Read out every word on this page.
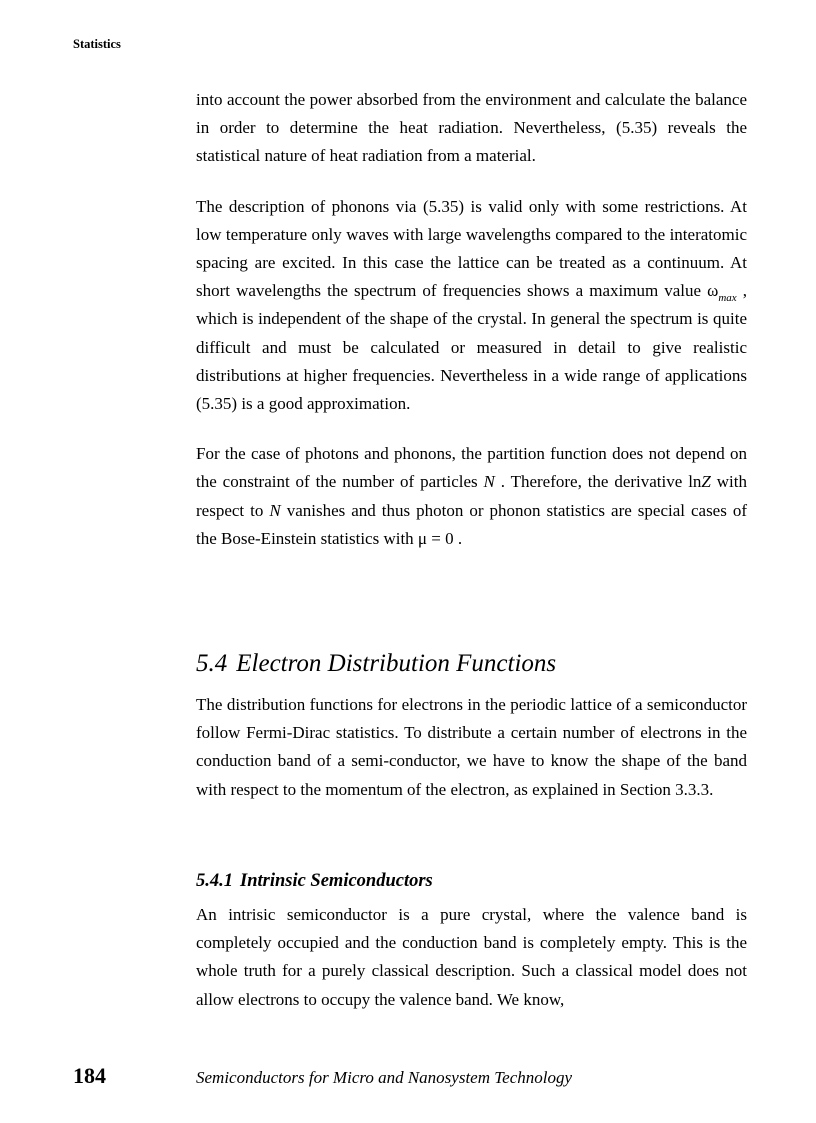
Statistics

into account the power absorbed from the environment and calculate the balance in order to determine the heat radiation. Nevertheless, (5.35) reveals the statistical nature of heat radiation from a material.

The description of phonons via (5.35) is valid only with some restrictions. At low temperature only waves with large wavelengths compared to the interatomic spacing are excited. In this case the lattice can be treated as a continuum. At short wavelengths the spectrum of frequencies shows a maximum value $\omega_{max}$ , which is independent of the shape of the crystal. In general the spectrum is quite difficult and must be calculated or measured in detail to give realistic distributions at higher frequencies. Nevertheless in a wide range of applications (5.35) is a good approximation.

For the case of photons and phonons, the partition function does not depend on the constraint of the number of particles N . Therefore, the derivative lnZ with respect to N vanishes and thus photon or phonon statistics are special cases of the Bose-Einstein statistics with μ = 0 .

5.4 Electron Distribution Functions

The distribution functions for electrons in the periodic lattice of a semiconductor follow Fermi-Dirac statistics. To distribute a certain number of electrons in the conduction band of a semi-conductor, we have to know the shape of the band with respect to the momentum of the electron, as explained in Section 3.3.3.

5.4.1 Intrinsic Semiconductors

An intrisic semiconductor is a pure crystal, where the valence band is completely occupied and the conduction band is completely empty. This is the whole truth for a purely classical description. Such a classical model does not allow electrons to occupy the valence band. We know,

184	Semiconductors for Micro and Nanosystem Technology
